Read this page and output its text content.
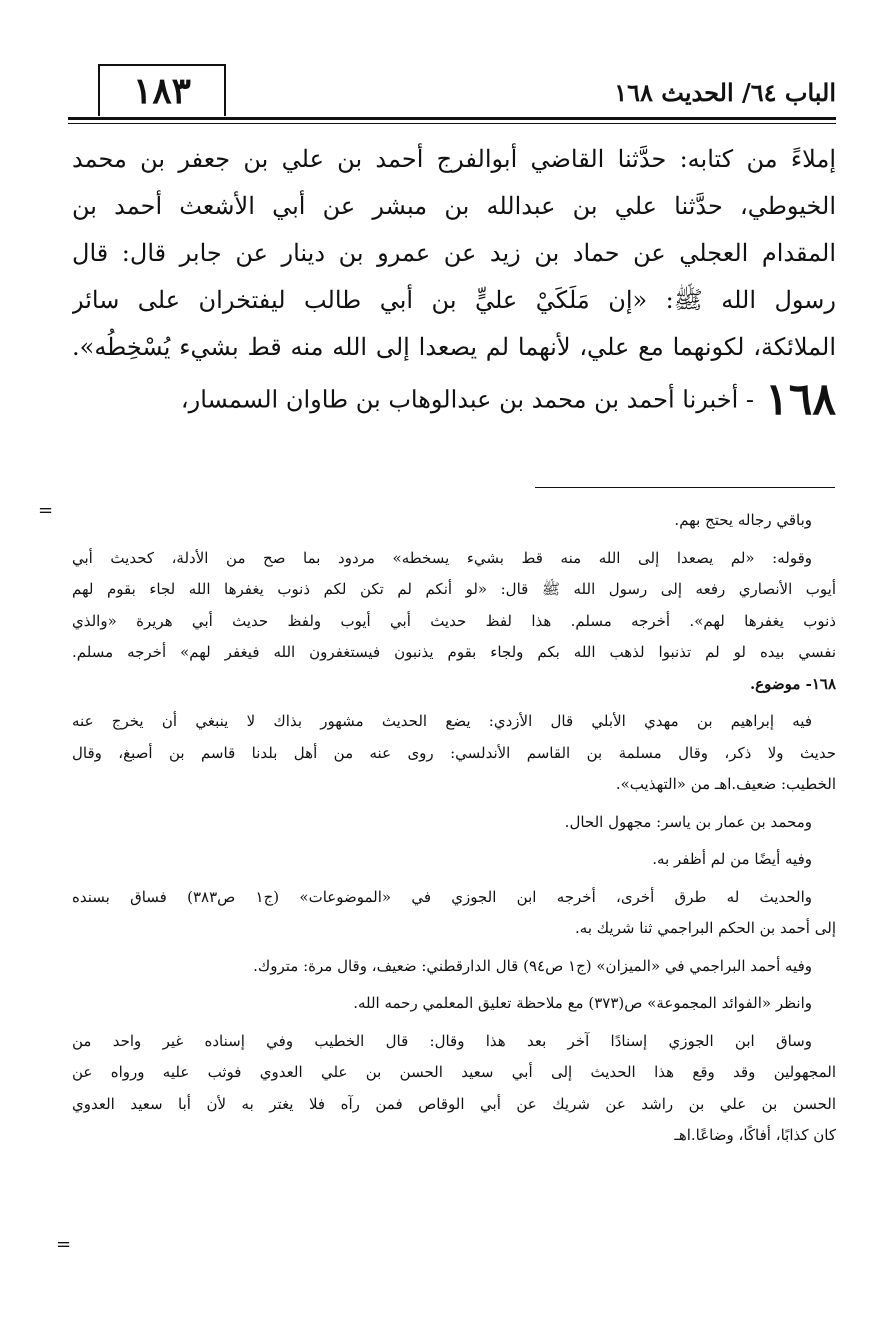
الباب ٦٤/ الحديث ١٦٨
١٨٣
إملاءً من كتابه: حدَّثنا القاضي أبوالفرج أحمد بن علي بن جعفر بن محمد
الخيوطي، حدَّثنا علي بن عبدالله بن مبشر عن أبي الأشعث أحمد بن
المقدام العجلي عن حماد بن زيد عن عمرو بن دينار عن جابر قال: قال
رسول الله ﷺ: «إن مَلَكَيْ عليٍّ بن أبي طالب ليفتخران على سائر
الملائكة، لكونهما مع علي، لأنهما لم يصعدا إلى الله منه قط بشيء يُسْخِطُه».
١٦٨ - أخبرنا أحمد بن محمد بن عبدالوهاب بن طاوان السمسار،
=
=
وباقي رجاله يحتج بهم.
وقوله: «لم يصعدا إلى الله منه قط بشيء يسخطه» مردود بما صح من الأدلة، كحديث أبي
أيوب الأنصاري رفعه إلى رسول الله ﷺ قال: «لو أنكم لم تكن لكم ذنوب يغفرها الله لجاء بقوم لهم
ذنوب يغفرها لهم». أخرجه مسلم. هذا لفظ حديث أبي أيوب ولفظ حديث أبي هريرة «والذي
نفسي بيده لو لم تذنبوا لذهب الله بكم ولجاء بقوم يذنبون فيستغفرون الله فيغفر لهم» أخرجه مسلم.
١٦٨- موضوع.
فيه إبراهيم بن مهدي الأبلي قال الأزدي: يضع الحديث مشهور بذاك لا ينبغي أن يخرج عنه
حديث ولا ذكر، وقال مسلمة بن القاسم الأندلسي: روى عنه من أهل بلدنا قاسم بن أصبغ، وقال
الخطيب: ضعيف.اهـ من «التهذيب».
ومحمد بن عمار بن ياسر: مجهول الحال.
وفيه أيضًا من لم أظفر به.
والحديث له طرق أخرى، أخرجه ابن الجوزي في «الموضوعات» (ج١ ص٣٨٣) فساق بسنده
إلى أحمد بن الحكم البراجمي ثنا شريك به.
وفيه أحمد البراجمي في «الميزان» (ج١ ص٩٤) قال الدارقطني: ضعيف، وقال مرة: متروك.
وانظر «الفوائد المجموعة» ص(٣٧٣) مع ملاحظة تعليق المعلمي رحمه الله.
وساق ابن الجوزي إسنادًا آخر بعد هذا وقال: قال الخطيب وفي إسناده غير واحد من
المجهولين وقد وقع هذا الحديث إلى أبي سعيد الحسن بن علي العدوي فوثب عليه ورواه عن
الحسن بن علي بن راشد عن شريك عن أبي الوقاص فمن رآه فلا يغتر به لأن أبا سعيد العدوي
كان كذابًا، أفاكًا، وضاعًا.اهـ
